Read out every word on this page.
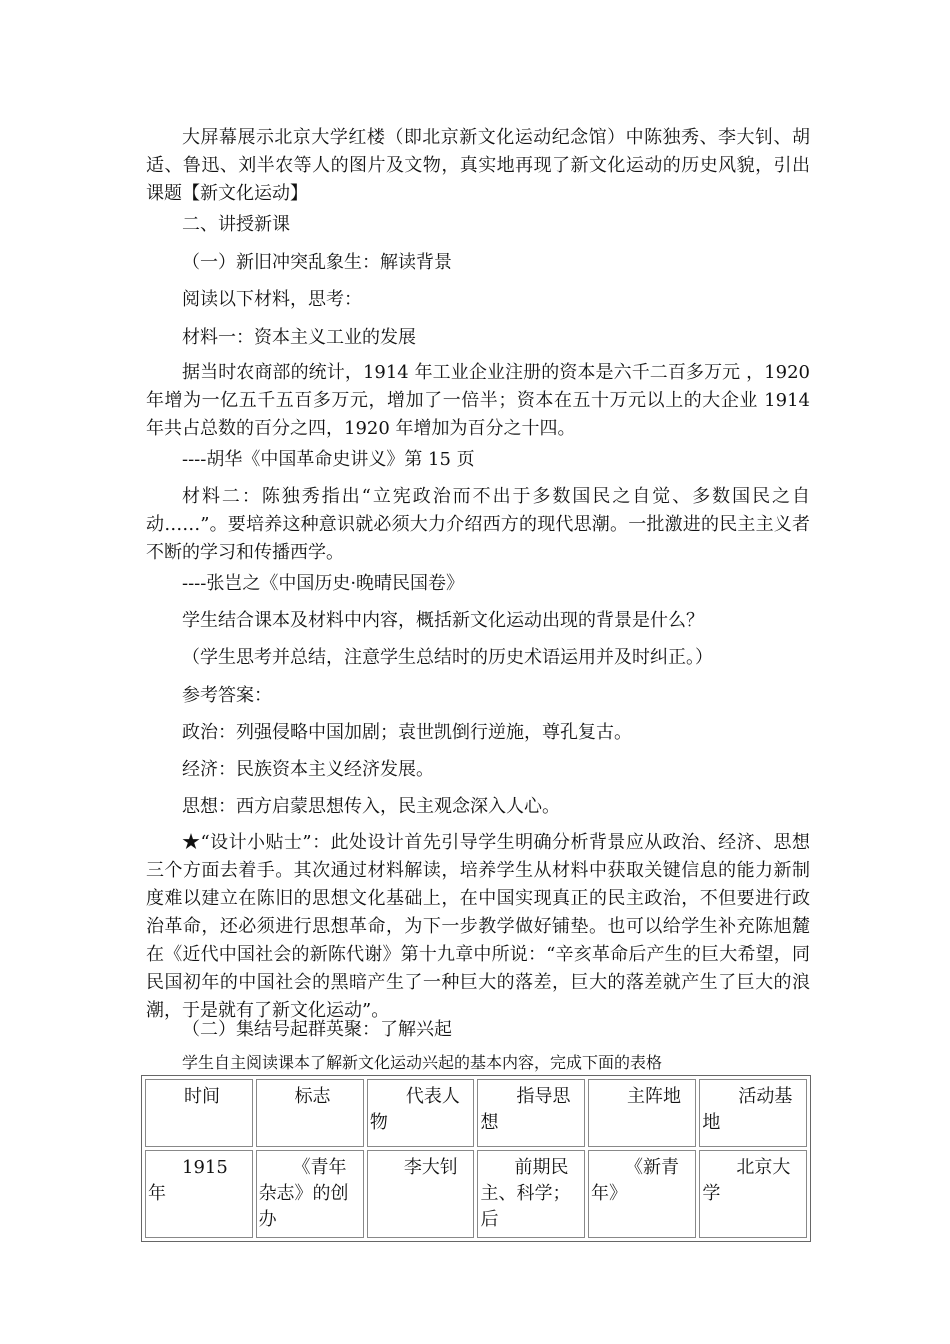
大屏幕展示北京大学红楼（即北京新文化运动纪念馆）中陈独秀、李大钊、胡适、鲁迅、刘半农等人的图片及文物，真实地再现了新文化运动的历史风貌，引出课题【新文化运动】

二、讲授新课

（一）新旧冲突乱象生：解读背景

阅读以下材料，思考：

材料一：资本主义工业的发展

据当时农商部的统计，1914 年工业企业注册的资本是六千二百多万元 ，1920 年增为一亿五千五百多万元，增加了一倍半；资本在五十万元以上的大企业 1914 年共占总数的百分之四，1920 年增加为百分之十四。

----胡华《中国革命史讲义》第 15 页

材料二：陈独秀指出“立宪政治而不出于多数国民之自觉、多数国民之自动……”。要培养这种意识就必须大力介绍西方的现代思潮。一批激进的民主主义者不断的学习和传播西学。

----张岂之《中国历史·晚晴民国卷》

学生结合课本及材料中内容，概括新文化运动出现的背景是什么？

（学生思考并总结，注意学生总结时的历史术语运用并及时纠正。）

参考答案：

政治：列强侵略中国加剧；袁世凯倒行逆施，尊孔复古。

经济：民族资本主义经济发展。

思想：西方启蒙思想传入，民主观念深入人心。

★“设计小贴士”：此处设计首先引导学生明确分析背景应从政治、经济、思想三个方面去着手。其次通过材料解读，培养学生从材料中获取关键信息的能力新制度难以建立在陈旧的思想文化基础上，在中国实现真正的民主政治，不但要进行政治革命，还必须进行思想革命，为下一步教学做好铺垫。也可以给学生补充陈旭麓在《近代中国社会的新陈代谢》第十九章中所说：“辛亥革命后产生的巨大希望，同民国初年的中国社会的黑暗产生了一种巨大的落差，巨大的落差就产生了巨大的浪潮，于是就有了新文化运动”。

（二）集结号起群英聚：了解兴起

学生自主阅读课本了解新文化运动兴起的基本内容，完成下面的表格

时间	标志	代表人物	指导思想	主阵地	活动基地
1915 年	《青年杂志》的创办	李大钊	前期民主、科学；后	《新青年》	北京大学
